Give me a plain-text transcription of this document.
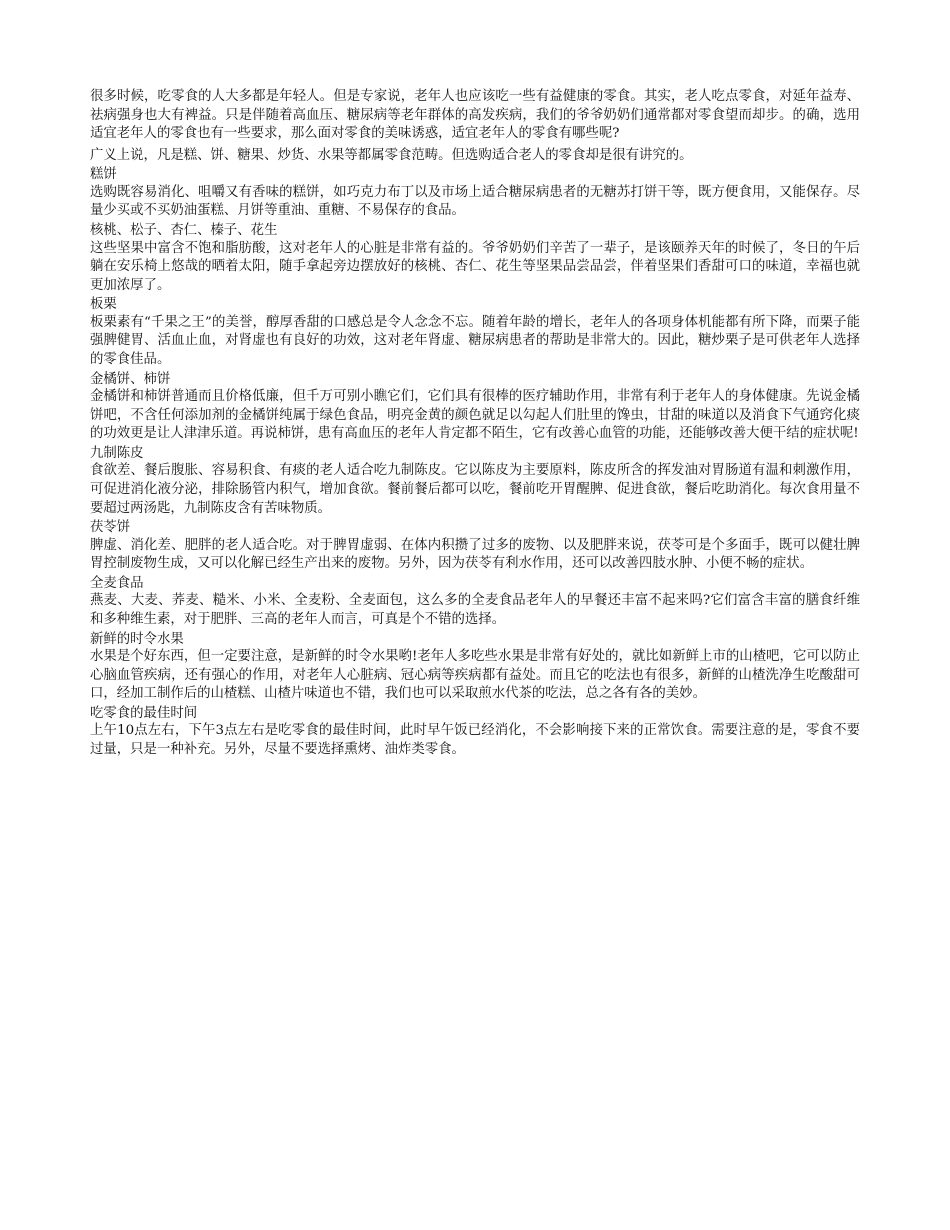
很多时候，吃零食的人大多都是年轻人。但是专家说，老年人也应该吃一些有益健康的零食。其实，老人吃点零食，对延年益寿、祛病强身也大有裨益。只是伴随着高血压、糖尿病等老年群体的高发疾病，我们的爷爷奶奶们通常都对零食望而却步。的确，选用适宜老年人的零食也有一些要求，那么面对零食的美味诱惑，适宜老年人的零食有哪些呢?

广义上说，凡是糕、饼、糖果、炒货、水果等都属零食范畴。但选购适合老人的零食却是很有讲究的。

糕饼

选购既容易消化、咀嚼又有香味的糕饼，如巧克力布丁以及市场上适合糖尿病患者的无糖苏打饼干等，既方便食用，又能保存。尽量少买或不买奶油蛋糕、月饼等重油、重糖、不易保存的食品。

核桃、松子、杏仁、榛子、花生

这些坚果中富含不饱和脂肪酸，这对老年人的心脏是非常有益的。爷爷奶奶们辛苦了一辈子，是该颐养天年的时候了，冬日的午后躺在安乐椅上悠哉的晒着太阳，随手拿起旁边摆放好的核桃、杏仁、花生等坚果品尝品尝，伴着坚果们香甜可口的味道，幸福也就更加浓厚了。

板栗

板栗素有“千果之王”的美誉，醇厚香甜的口感总是令人念念不忘。随着年龄的增长，老年人的各项身体机能都有所下降，而栗子能强脾健胃、活血止血，对肾虚也有良好的功效，这对老年肾虚、糖尿病患者的帮助是非常大的。因此，糖炒栗子是可供老年人选择的零食佳品。

金橘饼、柿饼

金橘饼和柿饼普通而且价格低廉，但千万可别小瞧它们，它们具有很棒的医疗辅助作用，非常有利于老年人的身体健康。先说金橘饼吧，不含任何添加剂的金橘饼纯属于绿色食品，明亮金黄的颜色就足以勾起人们肚里的馋虫，甘甜的味道以及消食下气通窍化痰的功效更是让人津津乐道。再说柿饼，患有高血压的老年人肯定都不陌生，它有改善心血管的功能，还能够改善大便干结的症状呢!

九制陈皮

食欲差、餐后腹胀、容易积食、有痰的老人适合吃九制陈皮。它以陈皮为主要原料，陈皮所含的挥发油对胃肠道有温和刺激作用，可促进消化液分泌，排除肠管内积气，增加食欲。餐前餐后都可以吃，餐前吃开胃醒脾、促进食欲，餐后吃助消化。每次食用量不要超过两汤匙，九制陈皮含有苦味物质。

茯苓饼

脾虚、消化差、肥胖的老人适合吃。对于脾胃虚弱、在体内积攒了过多的废物、以及肥胖来说，茯苓可是个多面手，既可以健壮脾胃控制废物生成，又可以化解已经生产出来的废物。另外，因为茯苓有利水作用，还可以改善四肢水肿、小便不畅的症状。

全麦食品

燕麦、大麦、荞麦、糙米、小米、全麦粉、全麦面包，这么多的全麦食品老年人的早餐还丰富不起来吗?它们富含丰富的膳食纤维和多种维生素，对于肥胖、三高的老年人而言，可真是个不错的选择。

新鲜的时令水果

水果是个好东西，但一定要注意，是新鲜的时令水果哟!老年人多吃些水果是非常有好处的，就比如新鲜上市的山楂吧，它可以防止心脑血管疾病，还有强心的作用，对老年人心脏病、冠心病等疾病都有益处。而且它的吃法也有很多，新鲜的山楂洗净生吃酸甜可口，经加工制作后的山楂糕、山楂片味道也不错，我们也可以采取煎水代茶的吃法，总之各有各的美妙。

吃零食的最佳时间

上午10点左右，下午3点左右是吃零食的最佳时间，此时早午饭已经消化，不会影响接下来的正常饮食。需要注意的是，零食不要过量，只是一种补充。另外，尽量不要选择熏烤、油炸类零食。
